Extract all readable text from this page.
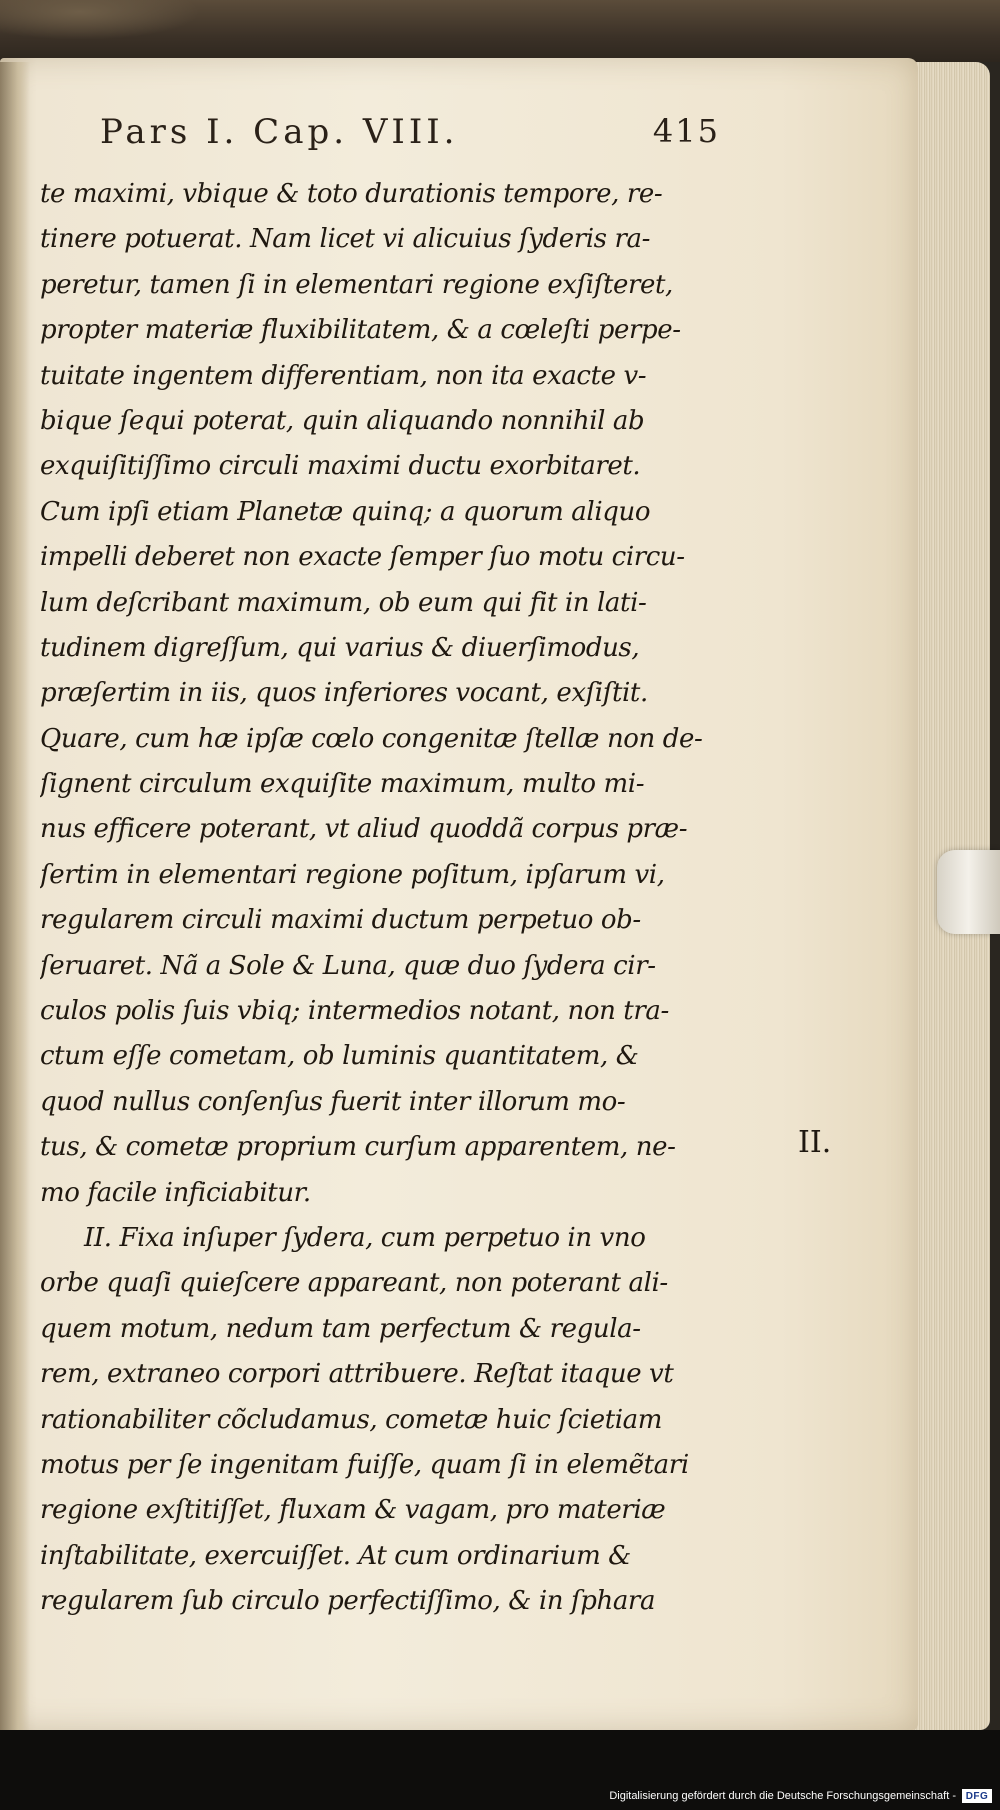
Pars I. Cap. VIII.	415
te maximi, vbique & toto durationis tempore, re-
tinere potuerat. Nam licet vi alicuius ſyderis ra-
peretur, tamen ſi in elementari regione exſiſteret,
propter materiæ fluxibilitatem, & a cœleſti perpe-
tuitate ingentem differentiam, non ita exacte v-
bique ſequi poterat, quin aliquando nonnihil ab
exquiſitiſſimo circuli maximi ductu exorbitaret.
Cum ipſi etiam Planetæ quinq; a quorum aliquo
impelli deberet non exacte ſemper ſuo motu circu-
lum deſcribant maximum, ob eum qui fit in lati-
tudinem digreſſum, qui varius & diuerſimodus,
præſertim in iis, quos inferiores vocant, exſiſtit.
Quare, cum hæ ipſæ cœlo congenitæ ſtellæ non de-
ſignent circulum exquiſite maximum, multo mi-
nus efficere poterant, vt aliud quoddã corpus præ-
ſertim in elementari regione poſitum, ipſarum vi,
regularem circuli maximi ductum perpetuo ob-
ſeruaret. Nã a Sole & Luna, quæ duo ſydera cir-
culos polis ſuis vbiq; intermedios notant, non tra-
ctum eſſe cometam, ob luminis quantitatem, &
quod nullus conſenſus fuerit inter illorum mo-
tus, & cometæ proprium curſum apparentem, ne-
mo facile inficiabitur.
II. Fixa inſuper ſydera, cum perpetuo in vno
orbe quaſi quieſcere appareant, non poterant ali-
quem motum, nedum tam perfectum & regula-
rem, extraneo corpori attribuere. Reſtat itaque vt
rationabiliter cõcludamus, cometæ huic ſcietiam
motus per ſe ingenitam fuiſſe, quam ſi in elemẽtari
regione exſtitiſſet, fluxam & vagam, pro materiæ
inſtabilitate, exercuiſſet. At cum ordinarium &
regularem ſub circulo perfectiſſimo, & in ſphara
II.
Digitalisierung gefördert durch die Deutsche Forschungsgemeinschaft - DFG
